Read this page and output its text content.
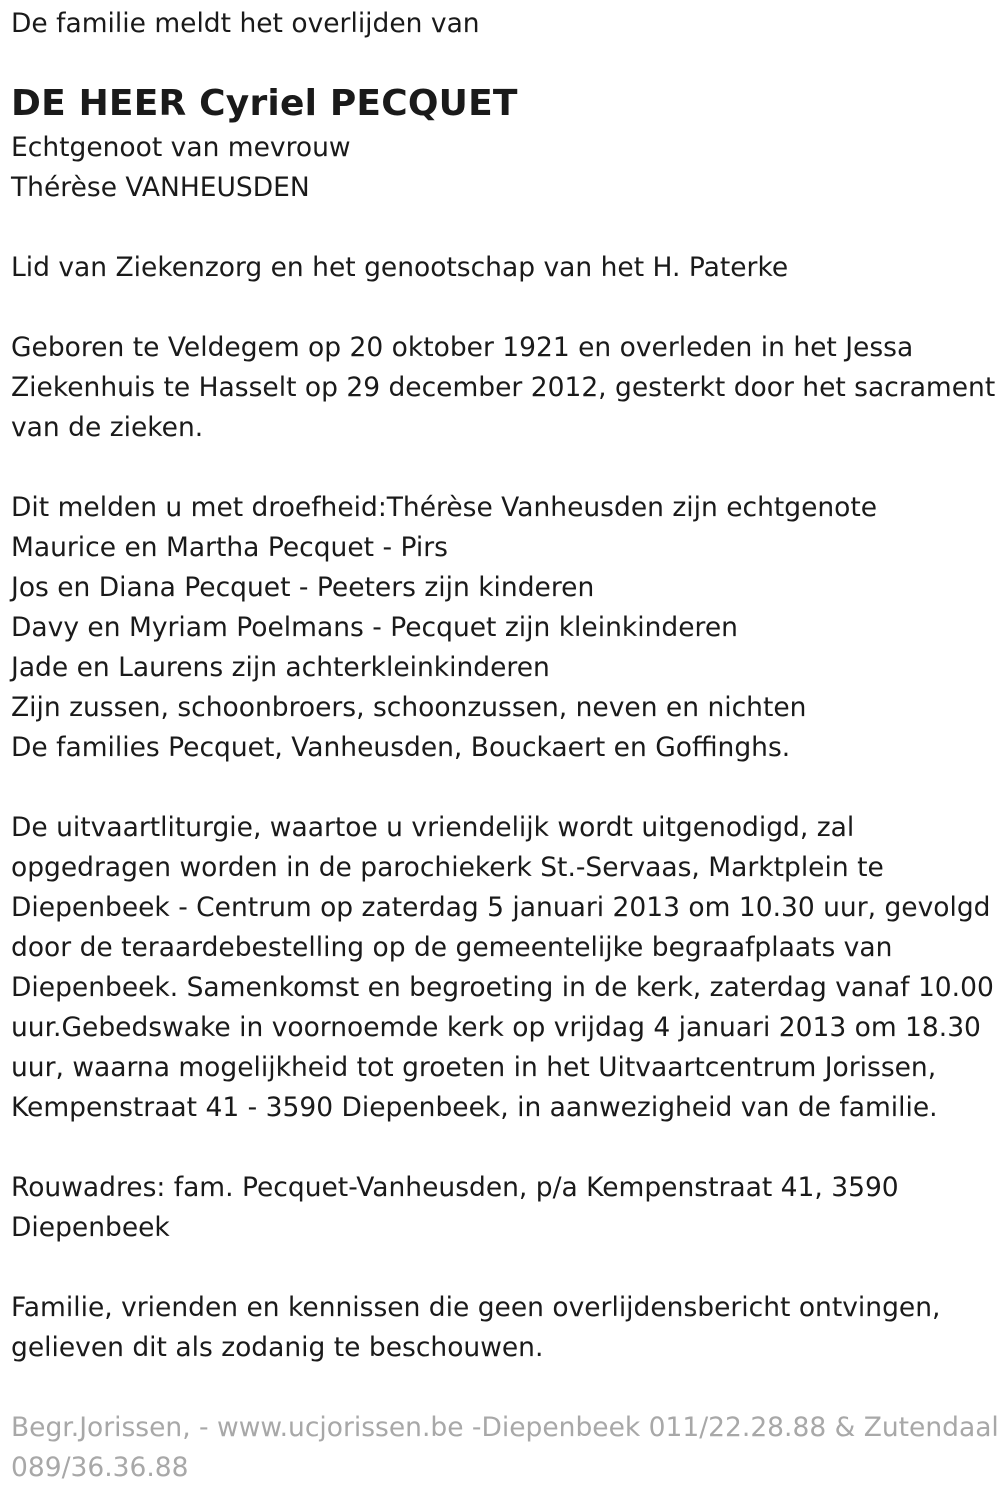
De familie meldt het overlijden van
DE HEER Cyriel PECQUET
Echtgenoot van mevrouw
Thérèse VANHEUSDEN
Lid van Ziekenzorg en het genootschap van het H. Paterke
Geboren te Veldegem op 20 oktober 1921 en overleden in het Jessa
Ziekenhuis te Hasselt op 29 december 2012, gesterkt door het sacrament
van de zieken.
Dit melden u met droefheid:Thérèse Vanheusden zijn echtgenote
Maurice en Martha Pecquet - Pirs
Jos en Diana Pecquet - Peeters zijn kinderen
Davy en Myriam Poelmans - Pecquet zijn kleinkinderen
Jade en Laurens zijn achterkleinkinderen
Zijn zussen, schoonbroers, schoonzussen, neven en nichten
De families Pecquet, Vanheusden, Bouckaert en Goffinghs.
De uitvaartliturgie, waartoe u vriendelijk wordt uitgenodigd, zal
opgedragen worden in de parochiekerk St.-Servaas, Marktplein te
Diepenbeek - Centrum op zaterdag 5 januari 2013 om 10.30 uur, gevolgd
door de teraardebestelling op de gemeentelijke begraafplaats van
Diepenbeek. Samenkomst en begroeting in de kerk, zaterdag vanaf 10.00
uur.Gebedswake in voornoemde kerk op vrijdag 4 januari 2013 om 18.30
uur, waarna mogelijkheid tot groeten in het Uitvaartcentrum Jorissen,
Kempenstraat 41 - 3590 Diepenbeek, in aanwezigheid van de familie.
Rouwadres: fam. Pecquet-Vanheusden, p/a Kempenstraat 41, 3590
Diepenbeek
Familie, vrienden en kennissen die geen overlijdensbericht ontvingen,
gelieven dit als zodanig te beschouwen.
Begr.Jorissen, - www.ucjorissen.be -Diepenbeek 011/22.28.88 & Zutendaal
089/36.36.88
